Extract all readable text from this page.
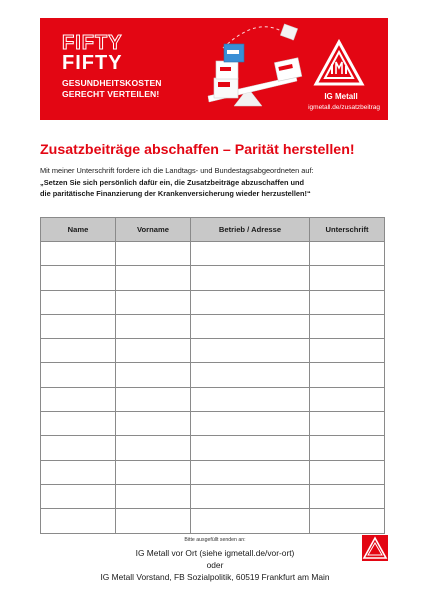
FIFTY
FIFTY
GESUNDHEITSKOSTEN
GERECHT VERTEILEN!	IG Metall
igmetall.de/zusatzbeitrag
Zusatzbeiträge abschaffen – Parität herstellen!
Mit meiner Unterschrift fordere ich die Landtags- und Bundestagsabgeordneten auf:
„Setzen Sie sich persönlich dafür ein, die Zusatzbeiträge abzuschaffen und
die paritätische Finanzierung der Krankenversicherung wieder herzustellen!“
Name	Vorname	Betrieb / Adresse	Unterschrift

Bitte ausgefüllt senden an:
IG Metall vor Ort (siehe igmetall.de/vor-ort)
oder
IG Metall Vorstand, FB Sozialpolitik, 60519 Frankfurt am Main
